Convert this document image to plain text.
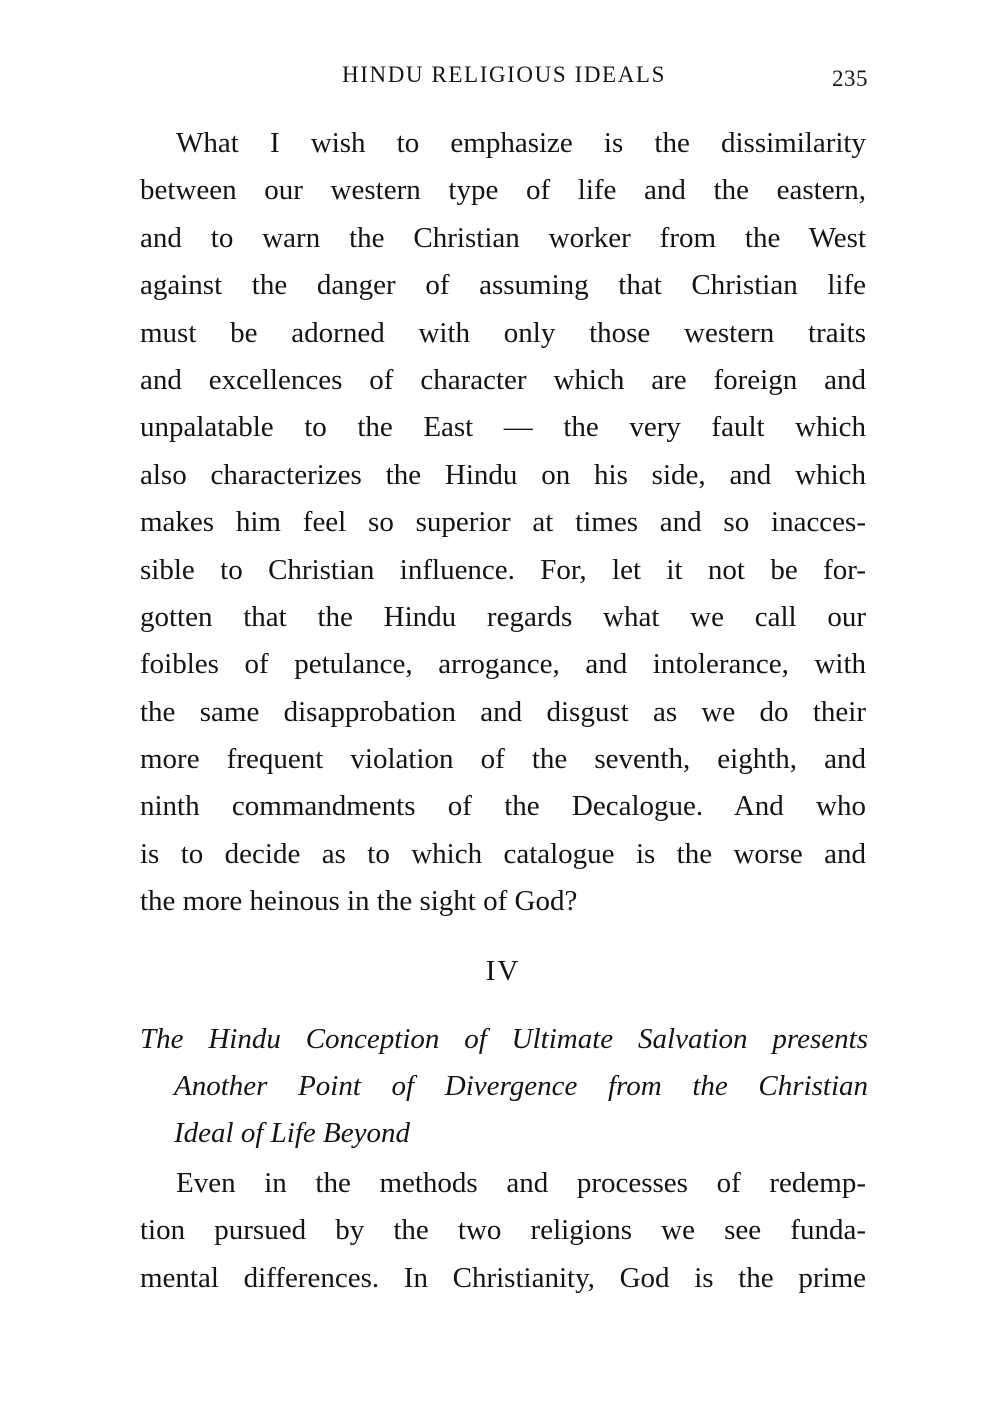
HINDU RELIGIOUS IDEALS	235
What I wish to emphasize is the dissimilarity
between our western type of life and the eastern,
and to warn the Christian worker from the West
against the danger of assuming that Christian life
must be adorned with only those western traits
and excellences of character which are foreign and
unpalatable to the East — the very fault which
also characterizes the Hindu on his side, and which
makes him feel so superior at times and so inacces-
sible to Christian influence. For, let it not be for-
gotten that the Hindu regards what we call our
foibles of petulance, arrogance, and intolerance, with
the same disapprobation and disgust as we do their
more frequent violation of the seventh, eighth, and
ninth commandments of the Decalogue. And who
is to decide as to which catalogue is the worse and
the more heinous in the sight of God?
IV
The Hindu Conception of Ultimate Salvation presents
Another Point of Divergence from the Christian
Ideal of Life Beyond
Even in the methods and processes of redemp-
tion pursued by the two religions we see funda-
mental differences. In Christianity, God is the prime
